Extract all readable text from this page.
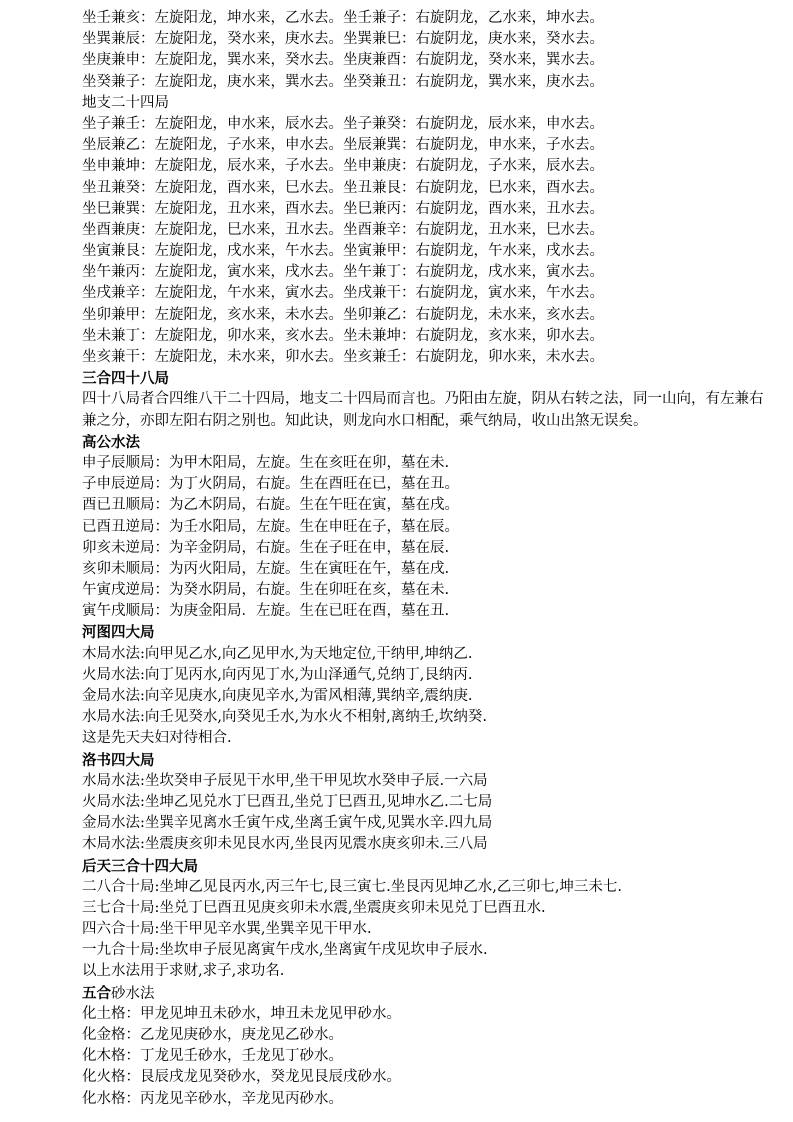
坐壬兼亥：左旋阳龙，坤水来，乙水去。坐壬兼子：右旋阴龙，乙水来，坤水去。
坐巽兼辰：左旋阳龙，癸水来，庚水去。坐巽兼巳：右旋阴龙，庚水来，癸水去。
坐庚兼申：左旋阳龙，巽水来，癸水去。坐庚兼酉：右旋阴龙，癸水来，巽水去。
坐癸兼子：左旋阳龙，庚水来，巽水去。坐癸兼丑：右旋阴龙，巽水来，庚水去。
地支二十四局
坐子兼壬：左旋阳龙，申水来，辰水去。坐子兼癸：右旋阴龙，辰水来，申水去。
坐辰兼乙：左旋阳龙，子水来，申水去。坐辰兼巽：右旋阴龙，申水来，子水去。
坐申兼坤：左旋阳龙，辰水来，子水去。坐申兼庚：右旋阴龙，子水来，辰水去。
坐丑兼癸：左旋阳龙，酉水来，巳水去。坐丑兼艮：右旋阴龙，巳水来，酉水去。
坐巳兼巽：左旋阳龙，丑水来，酉水去。坐巳兼丙：右旋阴龙，酉水来，丑水去。
坐酉兼庚：左旋阳龙，巳水来，丑水去。坐酉兼辛：右旋阴龙，丑水来，巳水去。
坐寅兼艮：左旋阳龙，戌水来，午水去。坐寅兼甲：右旋阴龙，午水来，戌水去。
坐午兼丙：左旋阳龙，寅水来，戌水去。坐午兼丁：右旋阴龙，戌水来，寅水去。
坐戌兼辛：左旋阳龙，午水来，寅水去。坐戌兼干：右旋阴龙，寅水来，午水去。
坐卯兼甲：左旋阳龙，亥水来，未水去。坐卯兼乙：右旋阴龙，未水来，亥水去。
坐未兼丁：左旋阳龙，卯水来，亥水去。坐未兼坤：右旋阴龙，亥水来，卯水去。
坐亥兼干：左旋阳龙，未水来，卯水去。坐亥兼壬：右旋阴龙，卯水来，未水去。
三合四十八局
四十八局者合四维八干二十四局，地支二十四局而言也。乃阳由左旋，阴从右转之法，同一山向，有左兼右兼之分，亦即左阳右阴之别也。知此诀，则龙向水口相配，乘气纳局，收山出煞无误矣。
高公水法
申子辰顺局：为甲木阳局，左旋。生在亥旺在卯，墓在未.
子申辰逆局：为丁火阴局，右旋。生在酉旺在已，墓在丑。
酉已丑顺局：为乙木阴局，右旋。生在午旺在寅，墓在戌。
已酉丑逆局：为壬水阳局，左旋。生在申旺在子，墓在辰。
卯亥未逆局：为辛金阴局，右旋。生在子旺在申，墓在辰.
亥卯未顺局：为丙火阳局，左旋。生在寅旺在午，墓在戌.
午寅戌逆局：为癸水阴局，右旋。生在卯旺在亥，墓在未.
寅午戌顺局：为庚金阳局．左旋。生在已旺在酉，墓在丑.
河图四大局
木局水法:向甲见乙水,向乙见甲水,为天地定位,干纳甲,坤纳乙.
火局水法:向丁见丙水,向丙见丁水,为山泽通气,兑纳丁,艮纳丙.
金局水法:向辛见庚水,向庚见辛水,为雷风相薄,巽纳辛,震纳庚.
水局水法:向壬见癸水,向癸见壬水,为水火不相射,离纳壬,坎纳癸.
这是先天夫妇对待相合.
洛书四大局
水局水法:坐坎癸申子辰见干水甲,坐干甲见坎水癸申子辰.一六局
火局水法:坐坤乙见兑水丁巳酉丑,坐兑丁巳酉丑,见坤水乙.二七局
金局水法:坐巽辛见离水壬寅午戍,坐离壬寅午戍,见巽水辛.四九局
木局水法:坐震庚亥卯未见艮水丙,坐艮丙见震水庚亥卯未.三八局
后天三合十四大局
二八合十局:坐坤乙见艮丙水,丙三午七,艮三寅七.坐艮丙见坤乙水,乙三卯七,坤三未七.
三七合十局:坐兑丁巳酉丑见庚亥卯未水震,坐震庚亥卯未见兑丁巳酉丑水.
四六合十局:坐干甲见辛水巽,坐巽辛见干甲水.
一九合十局:坐坎申子辰见离寅午戌水,坐离寅午戌见坎申子辰水.
以上水法用于求财,求子,求功名.
五合砂水法
化土格：甲龙见坤丑未砂水，坤丑未龙见甲砂水。
化金格：乙龙见庚砂水，庚龙见乙砂水。
化木格：丁龙见壬砂水，壬龙见丁砂水。
化火格：艮辰戌龙见癸砂水，癸龙见艮辰戌砂水。
化水格：丙龙见辛砂水，辛龙见丙砂水。
